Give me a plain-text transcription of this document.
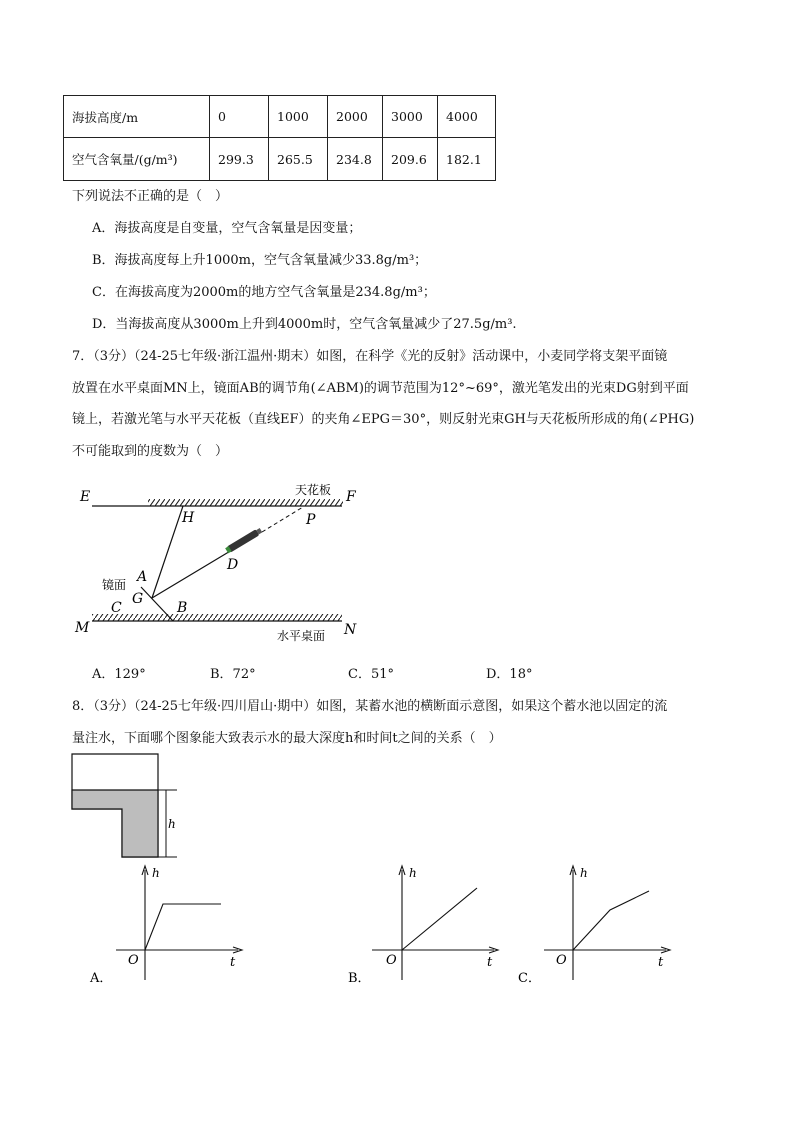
海拔高度/m	0	1000	2000	3000	4000
空气含氧量/(g/m³)	299.3	265.5	234.8	209.6	182.1
下列说法不正确的是（　）
A．海拔高度是自变量，空气含氧量是因变量；
B．海拔高度每上升1000m，空气含氧量减少33.8g/m³；
C．在海拔高度为2000m的地方空气含氧量是234.8g/m³；
D．当海拔高度从3000m上升到4000m时，空气含氧量减少了27.5g/m³.
7．（3分）（24-25七年级·浙江温州·期末）如图，在科学《光的反射》活动课中，小麦同学将支架平面镜
放置在水平桌面MN上，镜面AB的调节角(∠ABM)的调节范围为12°~69°，激光笔发出的光束DG射到平面
镜上，若激光笔与水平天花板（直线EF）的夹角∠EPG＝30°，则反射光束GH与天花板所形成的角(∠PHG)
不可能取到的度数为（　）
E	F
天花板
H	P
D
A
镜面
G
C	B
M	N
水平桌面
A．129°	B．72°	C．51°	D．18°
8．（3分）（24-25七年级·四川眉山·期中）如图，某蓄水池的横断面示意图，如果这个蓄水池以固定的流
量注水，下面哪个图象能大致表示水的最大深度h和时间t之间的关系（　）
h
h
O	t
A．
h
O	t
B．
h
O	t
C．
